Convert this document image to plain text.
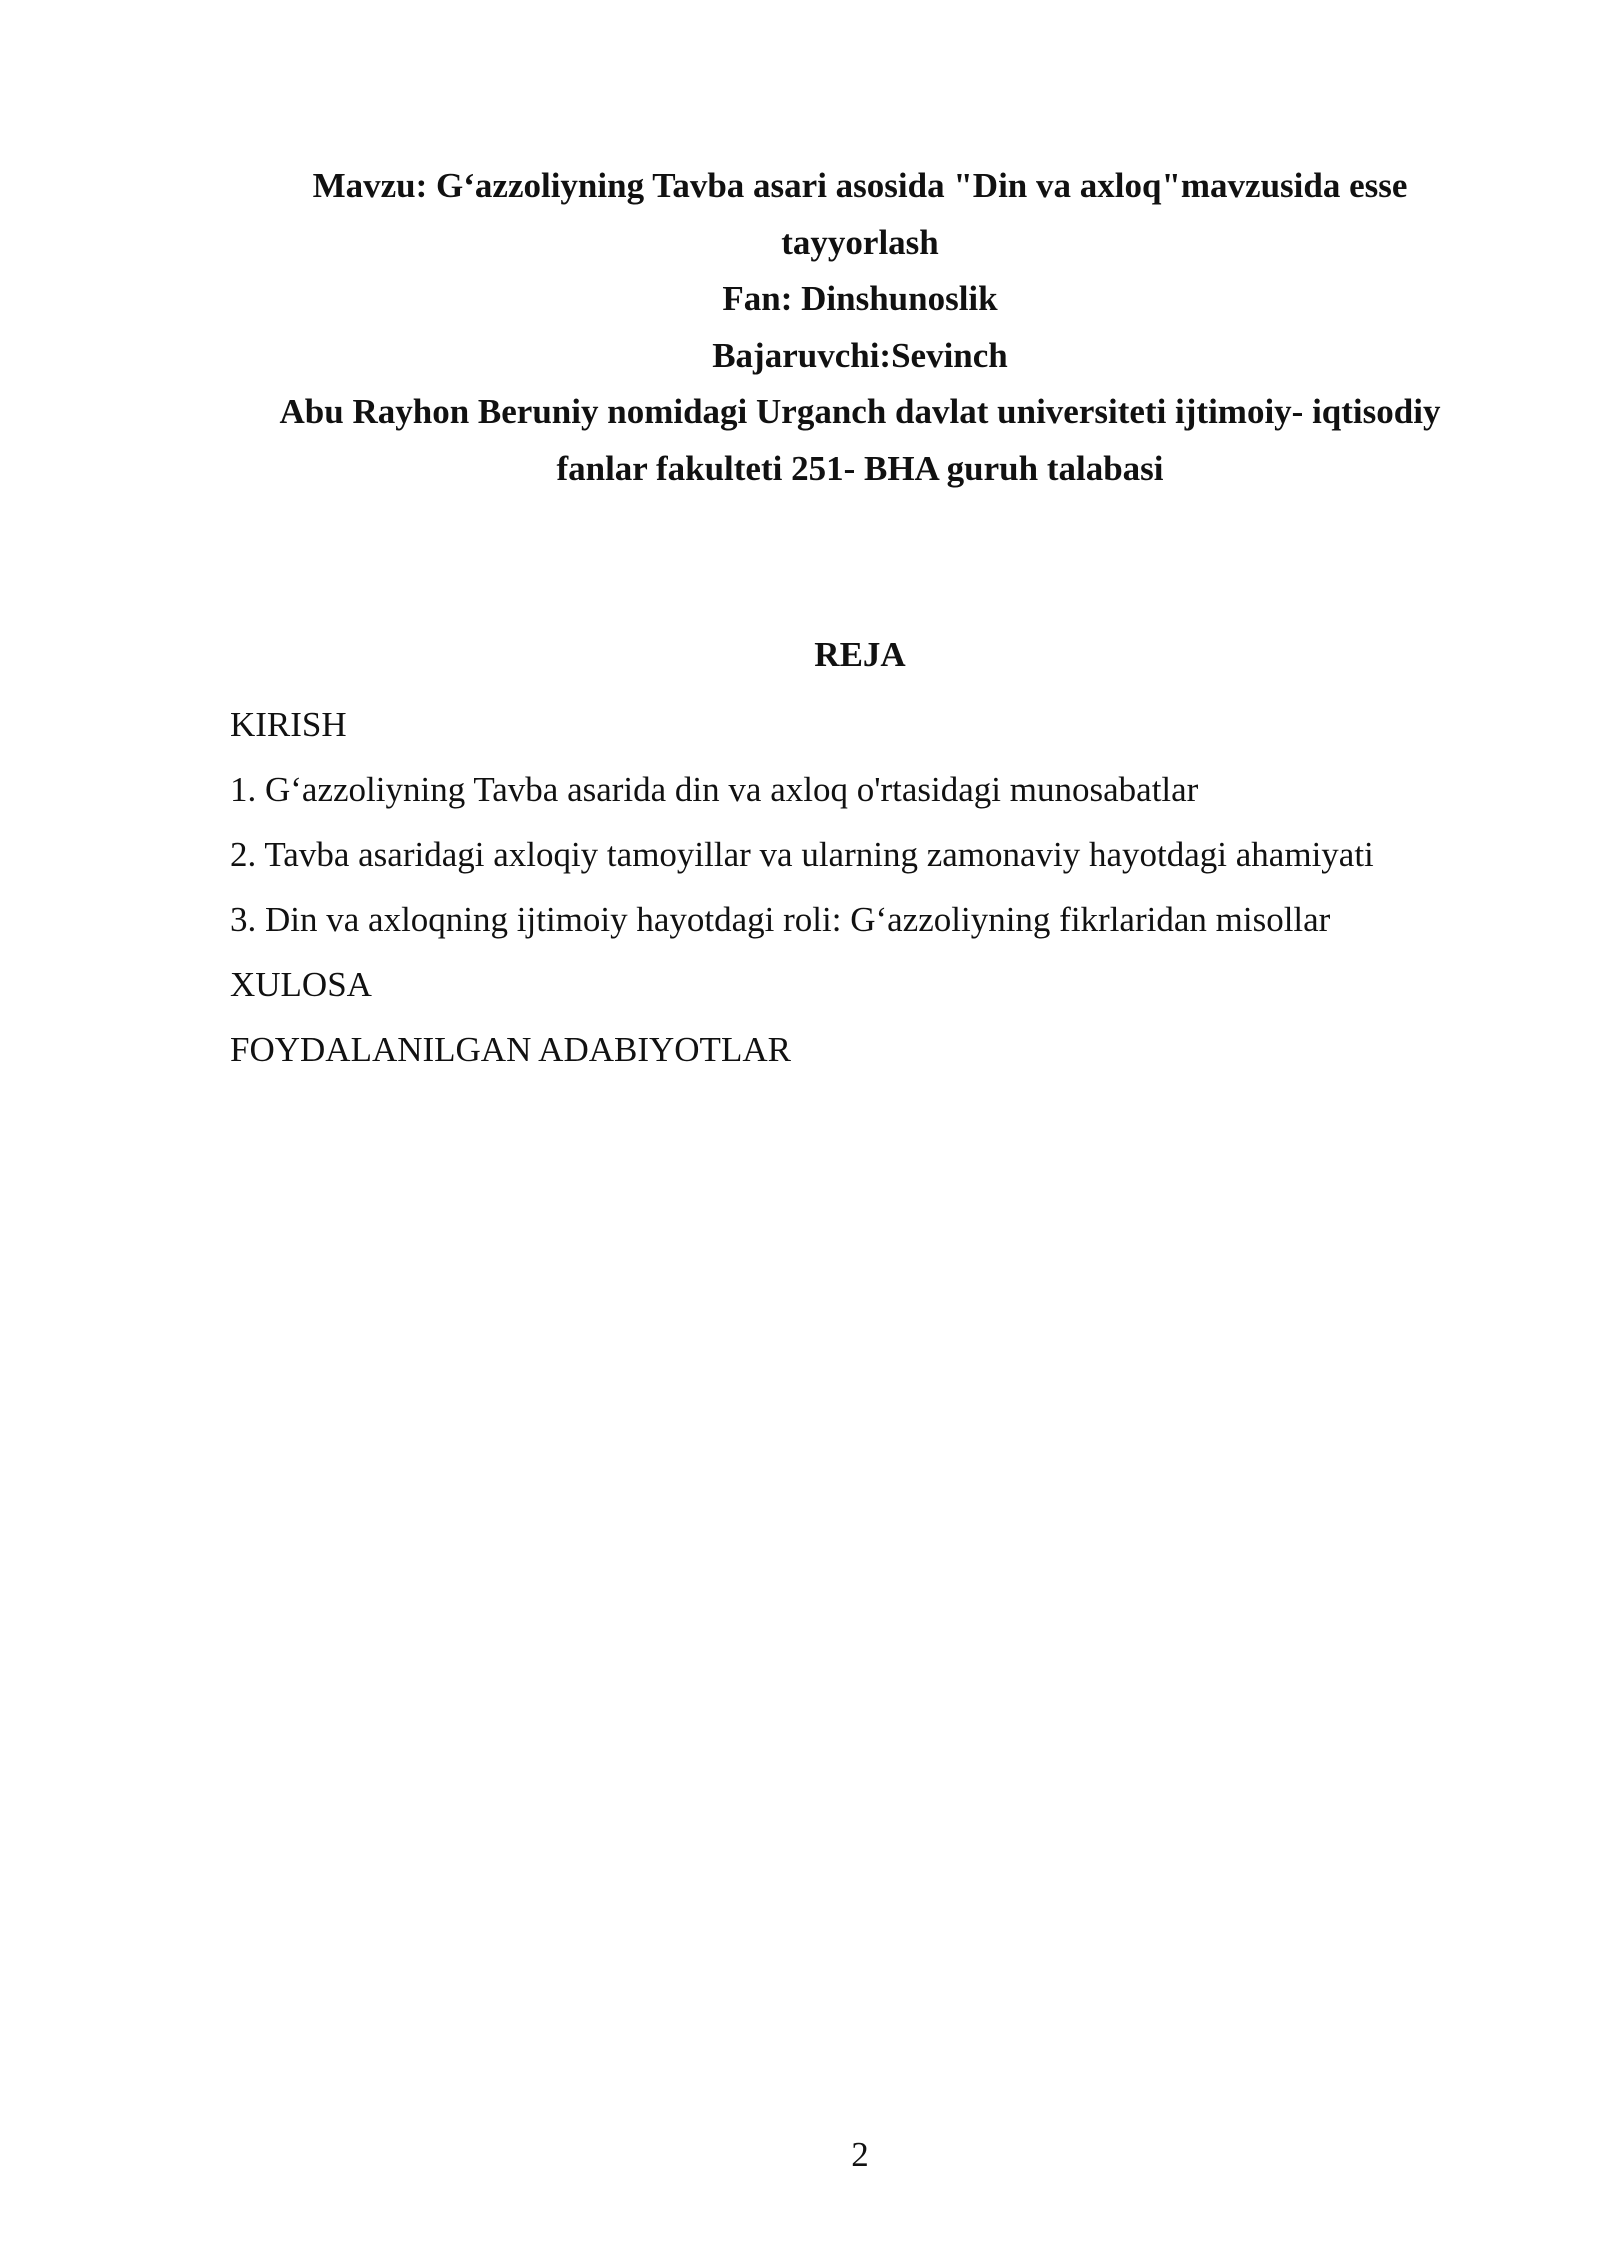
Mavzu: G‘azzoliyning Tavba asari asosida "Din va axloq"mavzusida esse
tayyorlash
Fan: Dinshunoslik
Bajaruvchi:Sevinch
Abu Rayhon Beruniy nomidagi Urganch davlat universiteti ijtimoiy- iqtisodiy
fanlar fakulteti 251- BHA guruh talabasi
REJA
KIRISH
1. G‘azzoliyning Tavba asarida din va axloq o'rtasidagi munosabatlar
2. Tavba asaridagi axloqiy tamoyillar va ularning zamonaviy hayotdagi ahamiyati
3. Din va axloqning ijtimoiy hayotdagi roli: G‘azzoliyning fikrlaridan misollar
XULOSA
FOYDALANILGAN ADABIYOTLAR
2
